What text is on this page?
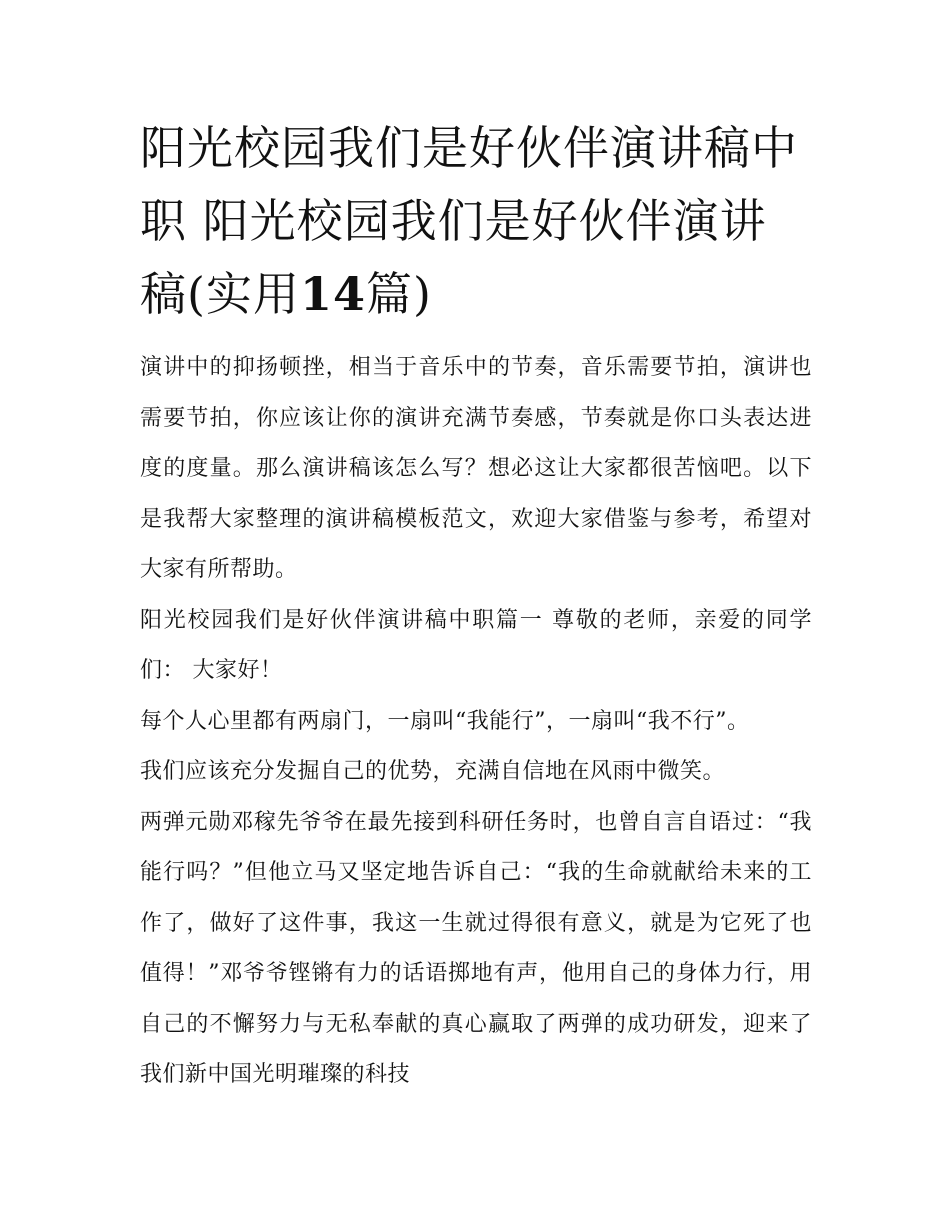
阳光校园我们是好伙伴演讲稿中职 阳光校园我们是好伙伴演讲稿(实用14篇)

演讲中的抑扬顿挫，相当于音乐中的节奏，音乐需要节拍，演讲也需要节拍，你应该让你的演讲充满节奏感，节奏就是你口头表达进度的度量。那么演讲稿该怎么写？想必这让大家都很苦恼吧。以下是我帮大家整理的演讲稿模板范文，欢迎大家借鉴与参考，希望对大家有所帮助。

阳光校园我们是好伙伴演讲稿中职篇一 尊敬的老师，亲爱的同学们： 大家好！

每个人心里都有两扇门，一扇叫“我能行”，一扇叫“我不行”。

我们应该充分发掘自己的优势，充满自信地在风雨中微笑。

两弹元勋邓稼先爷爷在最先接到科研任务时，也曾自言自语过：“我能行吗？”但他立马又坚定地告诉自己：“我的生命就献给未来的工作了，做好了这件事，我这一生就过得很有意义，就是为它死了也值得！”邓爷爷铿锵有力的话语掷地有声，他用自己的身体力行，用自己的不懈努力与无私奉献的真心赢取了两弹的成功研发，迎来了我们新中国光明璀璨的科技
